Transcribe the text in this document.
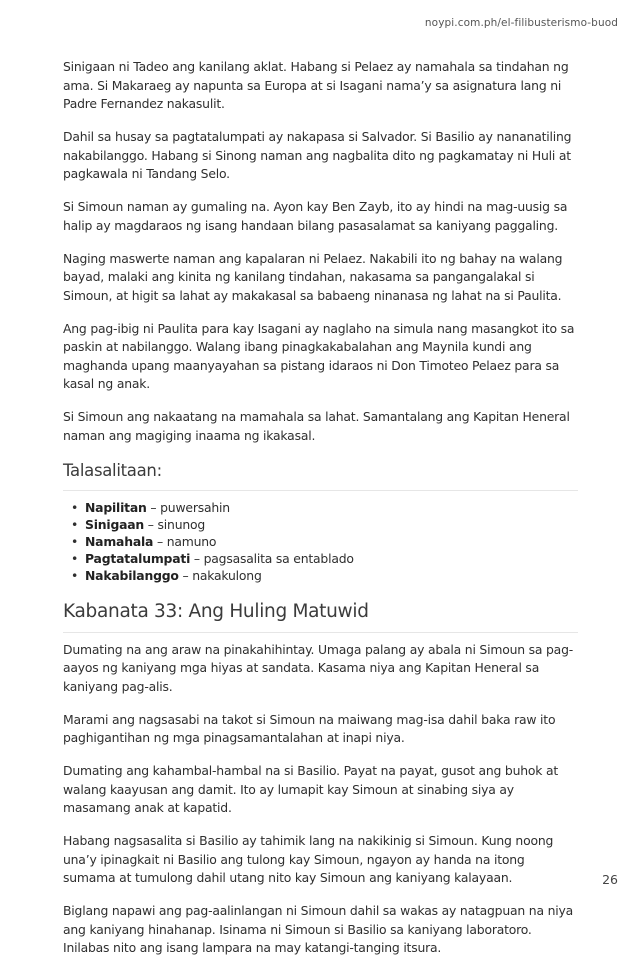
noypi.com.ph/el-filibusterismo-buod

Sinigaan ni Tadeo ang kanilang aklat. Habang si Pelaez ay namahala sa tindahan ng ama. Si Makaraeg ay napunta sa Europa at si Isagani nama’y sa asignatura lang ni Padre Fernandez nakasulit.

Dahil sa husay sa pagtatalumpati ay nakapasa si Salvador. Si Basilio ay nananatiling nakabilanggo. Habang si Sinong naman ang nagbalita dito ng pagkamatay ni Huli at pagkawala ni Tandang Selo.

Si Simoun naman ay gumaling na. Ayon kay Ben Zayb, ito ay hindi na mag-uusig sa halip ay magdaraos ng isang handaan bilang pasasalamat sa kaniyang paggaling.

Naging maswerte naman ang kapalaran ni Pelaez. Nakabili ito ng bahay na walang bayad, malaki ang kinita ng kanilang tindahan, nakasama sa pangangalakal si Simoun, at higit sa lahat ay makakasal sa babaeng ninanasa ng lahat na si Paulita.

Ang pag-ibig ni Paulita para kay Isagani ay naglaho na simula nang masangkot ito sa paskin at nabilanggo. Walang ibang pinagkakabalahan ang Maynila kundi ang maghanda upang maanyayahan sa pistang idaraos ni Don Timoteo Pelaez para sa kasal ng anak.

Si Simoun ang nakaatang na mamahala sa lahat. Samantalang ang Kapitan Heneral naman ang magiging inaama ng ikakasal.

Talasalitaan:
• Napilitan – puwersahin
• Sinigaan – sinunog
• Namahala – namuno
• Pagtatalumpati – pagsasalita sa entablado
• Nakabilanggo – nakakulong
Kabanata 33: Ang Huling Matuwid

Dumating na ang araw na pinakahihintay. Umaga palang ay abala ni Simoun sa pag-aayos ng kaniyang mga hiyas at sandata. Kasama niya ang Kapitan Heneral sa kaniyang pag-alis.

Marami ang nagsasabi na takot si Simoun na maiwang mag-isa dahil baka raw ito paghigantihan ng mga pinagsamantalahan at inapi niya.

Dumating ang kahambal-hambal na si Basilio. Payat na payat, gusot ang buhok at walang kaayusan ang damit. Ito ay lumapit kay Simoun at sinabing siya ay masamang anak at kapatid.

Habang nagsasalita si Basilio ay tahimik lang na nakikinig si Simoun. Kung noong una’y ipinagkait ni Basilio ang tulong kay Simoun, ngayon ay handa na itong sumama at tumulong dahil utang nito kay Simoun ang kaniyang kalayaan.

Biglang napawi ang pag-aalinlangan ni Simoun dahil sa wakas ay natagpuan na niya ang kaniyang hinahanap. Isinama ni Simoun si Basilio sa kaniyang laboratoro. Inilabas nito ang isang lampara na may katangi-tanging itsura.

26
